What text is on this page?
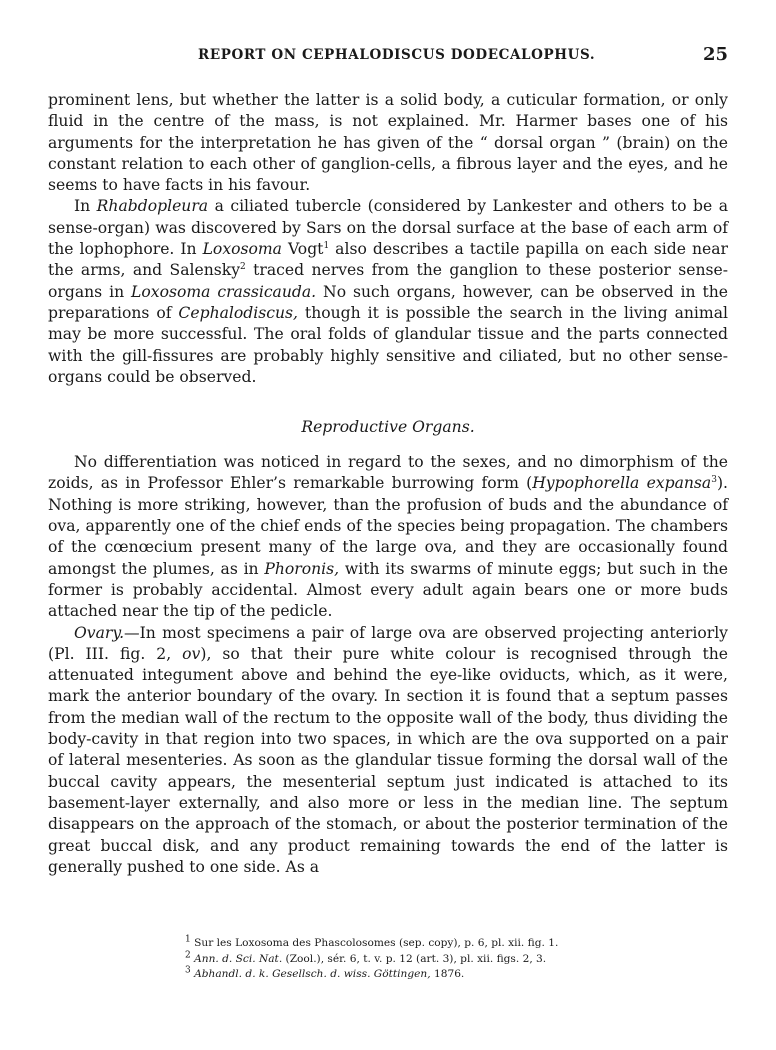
REPORT ON CEPHALODISCUS DODECALOPHUS.	25

prominent lens, but whether the latter is a solid body, a cuticular formation, or only fluid in the centre of the mass, is not explained. Mr. Harmer bases one of his arguments for the interpretation he has given of the “ dorsal organ ” (brain) on the constant relation to each other of ganglion-cells, a fibrous layer and the eyes, and he seems to have facts in his favour.

In Rhabdopleura a ciliated tubercle (considered by Lankester and others to be a sense-organ) was discovered by Sars on the dorsal surface at the base of each arm of the lophophore. In Loxosoma Vogt$^1$ also describes a tactile papilla on each side near the arms, and Salensky$^2$ traced nerves from the ganglion to these posterior sense-organs in Loxosoma crassicauda. No such organs, however, can be observed in the preparations of Cephalodiscus, though it is possible the search in the living animal may be more successful. The oral folds of glandular tissue and the parts connected with the gill-fissures are probably highly sensitive and ciliated, but no other sense-organs could be observed.

Reproductive Organs.

No differentiation was noticed in regard to the sexes, and no dimorphism of the zoids, as in Professor Ehler’s remarkable burrowing form (Hypophorella expansa$^3$). Nothing is more striking, however, than the profusion of buds and the abundance of ova, apparently one of the chief ends of the species being propagation. The chambers of the cœnœcium present many of the large ova, and they are occasionally found amongst the plumes, as in Phoronis, with its swarms of minute eggs; but such in the former is probably accidental. Almost every adult again bears one or more buds attached near the tip of the pedicle.

Ovary.—In most specimens a pair of large ova are observed projecting anteriorly (Pl. III. fig. 2, ov), so that their pure white colour is recognised through the attenuated integument above and behind the eye-like oviducts, which, as it were, mark the anterior boundary of the ovary. In section it is found that a septum passes from the median wall of the rectum to the opposite wall of the body, thus dividing the body-cavity in that region into two spaces, in which are the ova supported on a pair of lateral mesenteries. As soon as the glandular tissue forming the dorsal wall of the buccal cavity appears, the mesenterial septum just indicated is attached to its basement-layer externally, and also more or less in the median line. The septum disappears on the approach of the stomach, or about the posterior termination of the great buccal disk, and any product remaining towards the end of the latter is generally pushed to one side. As a

$^1$ Sur les Loxosoma des Phascolosomes (sep. copy), p. 6, pl. xii. fig. 1.
$^2$ Ann. d. Sci. Nat. (Zool.), sér. 6, t. v. p. 12 (art. 3), pl. xii. figs. 2, 3.
$^3$ Abhandl. d. k. Gesellsch. d. wiss. Göttingen, 1876.
